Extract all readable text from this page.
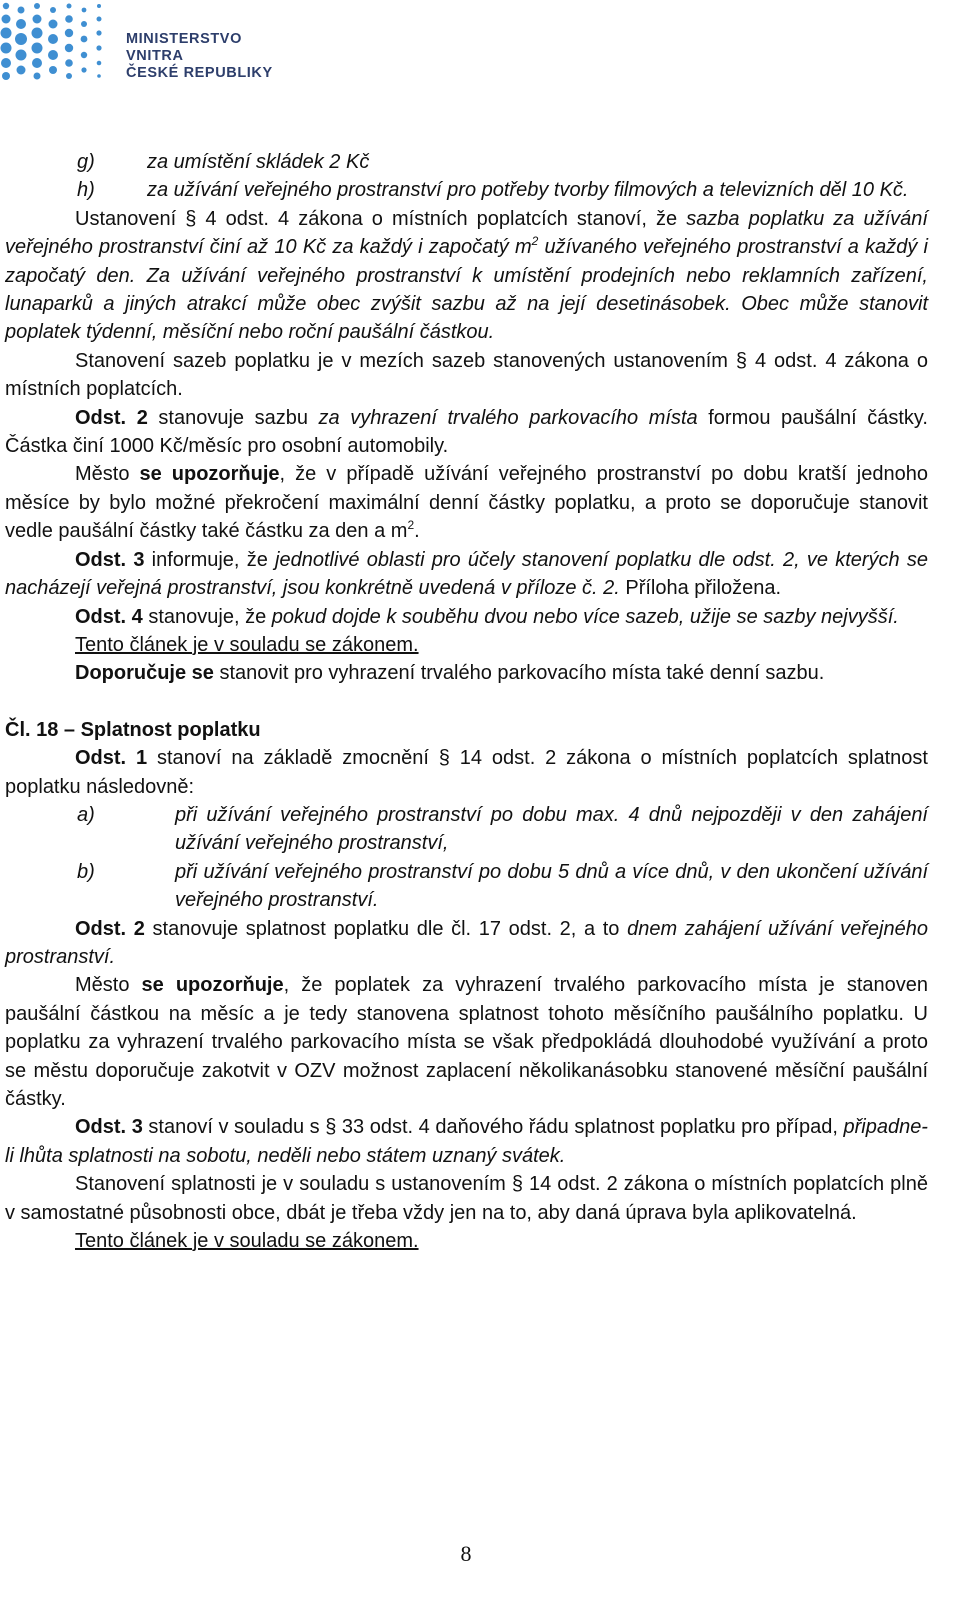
MINISTERSTVO VNITRA
ČESKÉ REPUBLIKY
g)	za umístění skládek 2 Kč
h)	za užívání veřejného prostranství pro potřeby tvorby filmových a televizních děl 10 Kč.

Ustanovení § 4 odst. 4 zákona o místních poplatcích stanoví, že sazba poplatku za užívání veřejného prostranství činí až 10 Kč za každý i započatý $m^2$ užívaného veřejného prostranství a každý i započatý den. Za užívání veřejného prostranství k umístění prodejních nebo reklamních zařízení, lunaparků a jiných atrakcí může obec zvýšit sazbu až na její desetinásobek. Obec může stanovit poplatek týdenní, měsíční nebo roční paušální částkou.

Stanovení sazeb poplatku je v mezích sazeb stanovených ustanovením § 4 odst. 4 zákona o místních poplatcích.

Odst. 2 stanovuje sazbu za vyhrazení trvalého parkovacího místa formou paušální částky. Částka činí 1000 Kč/měsíc pro osobní automobily.

Město se upozorňuje, že v případě užívání veřejného prostranství po dobu kratší jednoho měsíce by bylo možné překročení maximální denní částky poplatku, a proto se doporučuje stanovit vedle paušální částky také částku za den a $m^2$.

Odst. 3 informuje, že jednotlivé oblasti pro účely stanovení poplatku dle odst. 2, ve kterých se nacházejí veřejná prostranství, jsou konkrétně uvedená v příloze č. 2. Příloha přiložena.

Odst. 4 stanovuje, že pokud dojde k souběhu dvou nebo více sazeb, užije se sazby nejvyšší.

Tento článek je v souladu se zákonem.

Doporučuje se stanovit pro vyhrazení trvalého parkovacího místa také denní sazbu.

Čl. 18 – Splatnost poplatku

Odst. 1 stanoví na základě zmocnění § 14 odst. 2 zákona o místních poplatcích splatnost poplatku následovně:

a)	při užívání veřejného prostranství po dobu max. 4 dnů nejpozději v den zahájení užívání veřejného prostranství,
b)	při užívání veřejného prostranství po dobu 5 dnů a více dnů, v den ukončení užívání veřejného prostranství.

Odst. 2 stanovuje splatnost poplatku dle čl. 17 odst. 2, a to dnem zahájení užívání veřejného prostranství.

Město se upozorňuje, že poplatek za vyhrazení trvalého parkovacího místa je stanoven paušální částkou na měsíc a je tedy stanovena splatnost tohoto měsíčního paušálního poplatku. U poplatku za vyhrazení trvalého parkovacího místa se však předpokládá dlouhodobé využívání a proto se městu doporučuje zakotvit v OZV možnost zaplacení několikanásobku stanovené měsíční paušální částky.

Odst. 3 stanoví v souladu s § 33 odst. 4 daňového řádu splatnost poplatku pro případ, připadne-li lhůta splatnosti na sobotu, neděli nebo státem uznaný svátek.

Stanovení splatnosti je v souladu s ustanovením § 14 odst. 2 zákona o místních poplatcích plně v samostatné působnosti obce, dbát je třeba vždy jen na to, aby daná úprava byla aplikovatelná.

Tento článek je v souladu se zákonem.

8
